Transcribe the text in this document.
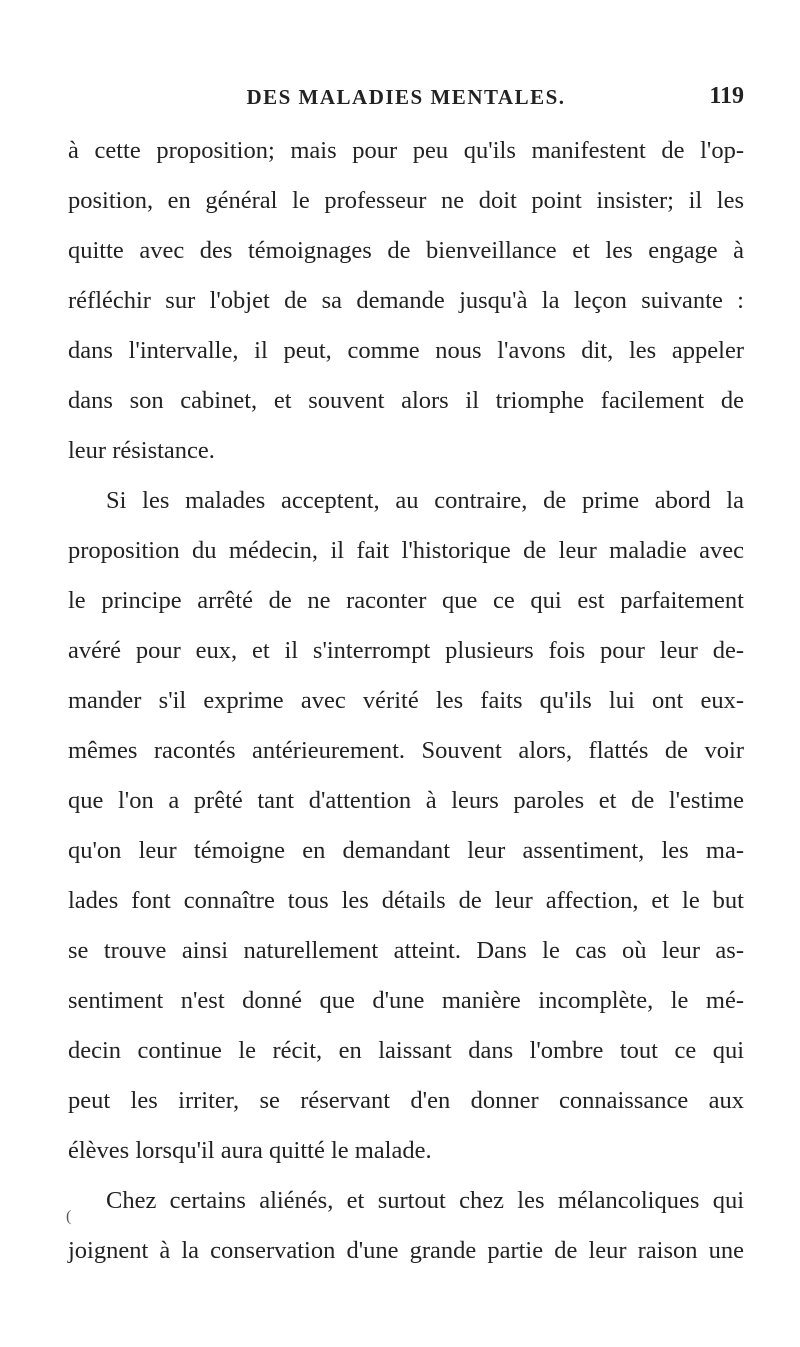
DES MALADIES MENTALES.	119
à cette proposition; mais pour peu qu'ils manifestent de l'op-
position, en général le professeur ne doit point insister; il les
quitte avec des témoignages de bienveillance et les engage à
réfléchir sur l'objet de sa demande jusqu'à la leçon suivante :
dans l'intervalle, il peut, comme nous l'avons dit, les appeler
dans son cabinet, et souvent alors il triomphe facilement de
leur résistance.
Si les malades acceptent, au contraire, de prime abord la
proposition du médecin, il fait l'historique de leur maladie avec
le principe arrêté de ne raconter que ce qui est parfaitement
avéré pour eux, et il s'interrompt plusieurs fois pour leur de-
mander s'il exprime avec vérité les faits qu'ils lui ont eux-
mêmes racontés antérieurement. Souvent alors, flattés de voir
que l'on a prêté tant d'attention à leurs paroles et de l'estime
qu'on leur témoigne en demandant leur assentiment, les ma-
lades font connaître tous les détails de leur affection, et le but
se trouve ainsi naturellement atteint. Dans le cas où leur as-
sentiment n'est donné que d'une manière incomplète, le mé-
decin continue le récit, en laissant dans l'ombre tout ce qui
peut les irriter, se réservant d'en donner connaissance aux
élèves lorsqu'il aura quitté le malade.
Chez certains aliénés, et surtout chez les mélancoliques qui
joignent à la conservation d'une grande partie de leur raison une
(
